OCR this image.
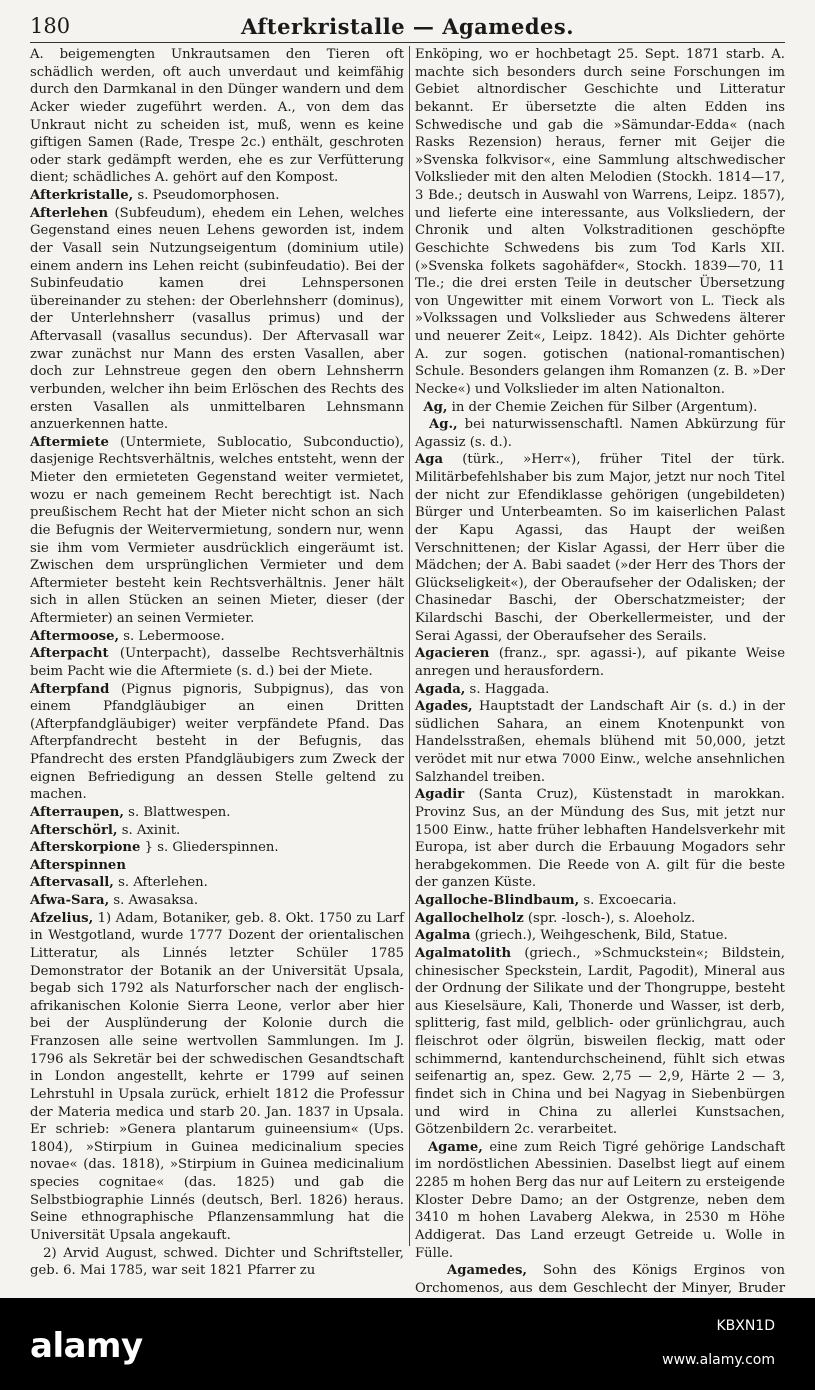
180	Afterkristalle — Agamedes.

A. beigemengten Unkrautsamen den Tieren oft schädlich werden, oft auch unverdaut und keimfähig durch den Darmkanal in den Dünger wandern und dem Acker wieder zugeführt werden. A., von dem das Unkraut nicht zu scheiden ist, muß, wenn es keine giftigen Samen (Rade, Trespe 2c.) enthält, geschroten oder stark gedämpft werden, ehe es zur Verfütterung dient; schädliches A. gehört auf den Kompost.

Afterkristalle, s. Pseudomorphosen.

Afterlehen (Subfeudum), ehedem ein Lehen, welches Gegenstand eines neuen Lehens geworden ist, indem der Vasall sein Nutzungseigentum (dominium utile) einem andern ins Lehen reicht (subinfeudatio). Bei der Subinfeudatio kamen drei Lehnspersonen übereinander zu stehen: der Oberlehnsherr (dominus), der Unterlehnsherr (vasallus primus) und der Aftervasall (vasallus secundus). Der Aftervasall war zwar zunächst nur Mann des ersten Vasallen, aber doch zur Lehnstreue gegen den obern Lehnsherrn verbunden, welcher ihn beim Erlöschen des Rechts des ersten Vasallen als unmittelbaren Lehnsmann anzuerkennen hatte.

Aftermiete (Untermiete, Sublocatio, Subconductio), dasjenige Rechtsverhältnis, welches entsteht, wenn der Mieter den ermieteten Gegenstand weiter vermietet, wozu er nach gemeinem Recht berechtigt ist. Nach preußischem Recht hat der Mieter nicht schon an sich die Befugnis der Weitervermietung, sondern nur, wenn sie ihm vom Vermieter ausdrücklich eingeräumt ist. Zwischen dem ursprünglichen Vermieter und dem Aftermieter besteht kein Rechtsverhältnis. Jener hält sich in allen Stücken an seinen Mieter, dieser (der Aftermieter) an seinen Vermieter.

Aftermoose, s. Lebermoose.

Afterpacht (Unterpacht), dasselbe Rechtsverhältnis beim Pacht wie die Aftermiete (s. d.) bei der Miete.

Afterpfand (Pignus pignoris, Subpignus), das von einem Pfandgläubiger an einen Dritten (Afterpfandgläubiger) weiter verpfändete Pfand. Das Afterpfandrecht besteht in der Befugnis, das Pfandrecht des ersten Pfandgläubigers zum Zweck der eignen Befriedigung an dessen Stelle geltend zu machen.

Afterraupen, s. Blattwespen.

Afterschörl, s. Axinit.

Afterskorpione } s. Gliederspinnen.

Afterspinnen

Aftervasall, s. Afterlehen.

Afwa-Sara, s. Awasaksa.

Afzelius, 1) Adam, Botaniker, geb. 8. Okt. 1750 zu Larf in Westgotland, wurde 1777 Dozent der orientalischen Litteratur, als Linnés letzter Schüler 1785 Demonstrator der Botanik an der Universität Upsala, begab sich 1792 als Naturforscher nach der englisch-afrikanischen Kolonie Sierra Leone, verlor aber hier bei der Ausplünderung der Kolonie durch die Franzosen alle seine wertvollen Sammlungen. Im J. 1796 als Sekretär bei der schwedischen Gesandtschaft in London angestellt, kehrte er 1799 auf seinen Lehrstuhl in Upsala zurück, erhielt 1812 die Professur der Materia medica und starb 20. Jan. 1837 in Upsala. Er schrieb: »Genera plantarum guineensium« (Ups. 1804), »Stirpium in Guinea medicinalium species novae« (das. 1818), »Stirpium in Guinea medicinalium species cognitae« (das. 1825) und gab die Selbstbiographie Linnés (deutsch, Berl. 1826) heraus. Seine ethnographische Pflanzensammlung hat die Universität Upsala angekauft.

2) Arvid August, schwed. Dichter und Schriftsteller, geb. 6. Mai 1785, war seit 1821 Pfarrer zu

Enköping, wo er hochbetagt 25. Sept. 1871 starb. A. machte sich besonders durch seine Forschungen im Gebiet altnordischer Geschichte und Litteratur bekannt. Er übersetzte die alten Edden ins Schwedische und gab die »Sämundar-Edda« (nach Rasks Rezension) heraus, ferner mit Geijer die »Svenska folkvisor«, eine Sammlung altschwedischer Volkslieder mit den alten Melodien (Stockh. 1814—17, 3 Bde.; deutsch in Auswahl von Warrens, Leipz. 1857), und lieferte eine interessante, aus Volksliedern, der Chronik und alten Volkstraditionen geschöpfte Geschichte Schwedens bis zum Tod Karls XII. (»Svenska folkets sagohäfder«, Stockh. 1839—70, 11 Tle.; die drei ersten Teile in deutscher Übersetzung von Ungewitter mit einem Vorwort von L. Tieck als »Volkssagen und Volkslieder aus Schwedens älterer und neuerer Zeit«, Leipz. 1842). Als Dichter gehörte A. zur sogen. gotischen (national-romantischen) Schule. Besonders gelangen ihm Romanzen (z. B. »Der Necke«) und Volkslieder im alten Nationalton.

Ag, in der Chemie Zeichen für Silber (Argentum).

Ag., bei naturwissenschaftl. Namen Abkürzung für Agassiz (s. d.).

Aga (türk., »Herr«), früher Titel der türk. Militärbefehlshaber bis zum Major, jetzt nur noch Titel der nicht zur Efendiklasse gehörigen (ungebildeten) Bürger und Unterbeamten. So im kaiserlichen Palast der Kapu Agassi, das Haupt der weißen Verschnittenen; der Kislar Agassi, der Herr über die Mädchen; der A. Babi saadet (»der Herr des Thors der Glückseligkeit«), der Oberaufseher der Odalisken; der Chasinedar Baschi, der Oberschatzmeister; der Kilardschi Baschi, der Oberkellermeister, und der Serai Agassi, der Oberaufseher des Serails.

Agacieren (franz., spr. agassi-), auf pikante Weise anregen und herausfordern.

Agada, s. Haggada.

Agades, Hauptstadt der Landschaft Air (s. d.) in der südlichen Sahara, an einem Knotenpunkt von Handelsstraßen, ehemals blühend mit 50,000, jetzt verödet mit nur etwa 7000 Einw., welche ansehnlichen Salzhandel treiben.

Agadir (Santa Cruz), Küstenstadt in marokkan. Provinz Sus, an der Mündung des Sus, mit jetzt nur 1500 Einw., hatte früher lebhaften Handelsverkehr mit Europa, ist aber durch die Erbauung Mogadors sehr herabgekommen. Die Reede von A. gilt für die beste der ganzen Küste.

Agalloche-Blindbaum, s. Excoecaria.

Agallochelholz (spr. -losch-), s. Aloeholz.

Agalma (griech.), Weihgeschenk, Bild, Statue.

Agalmatolith (griech., »Schmuckstein«; Bildstein, chinesischer Speckstein, Lardit, Pagodit), Mineral aus der Ordnung der Silikate und der Thongruppe, besteht aus Kieselsäure, Kali, Thonerde und Wasser, ist derb, splitterig, fast mild, gelblich- oder grünlichgrau, auch fleischrot oder ölgrün, bisweilen fleckig, matt oder schimmernd, kantendurchscheinend, fühlt sich etwas seifenartig an, spez. Gew. 2,75 — 2,9, Härte 2 — 3, findet sich in China und bei Nagyag in Siebenbürgen und wird in China zu allerlei Kunstsachen, Götzenbildern 2c. verarbeitet.

Agame, eine zum Reich Tigré gehörige Landschaft im nordöstlichen Abessinien. Daselbst liegt auf einem 2285 m hohen Berg das nur auf Leitern zu ersteigende Kloster Debre Damo; an der Ostgrenze, neben dem 3410 m hohen Lavaberg Alekwa, in 2530 m Höhe Addigerat. Das Land erzeugt Getreide u. Wolle in Fülle.

Agamedes, Sohn des Königs Erginos von Orchomenos, aus dem Geschlecht der Minyer, Bruder

alamy	KBXN1D
www.alamy.com
